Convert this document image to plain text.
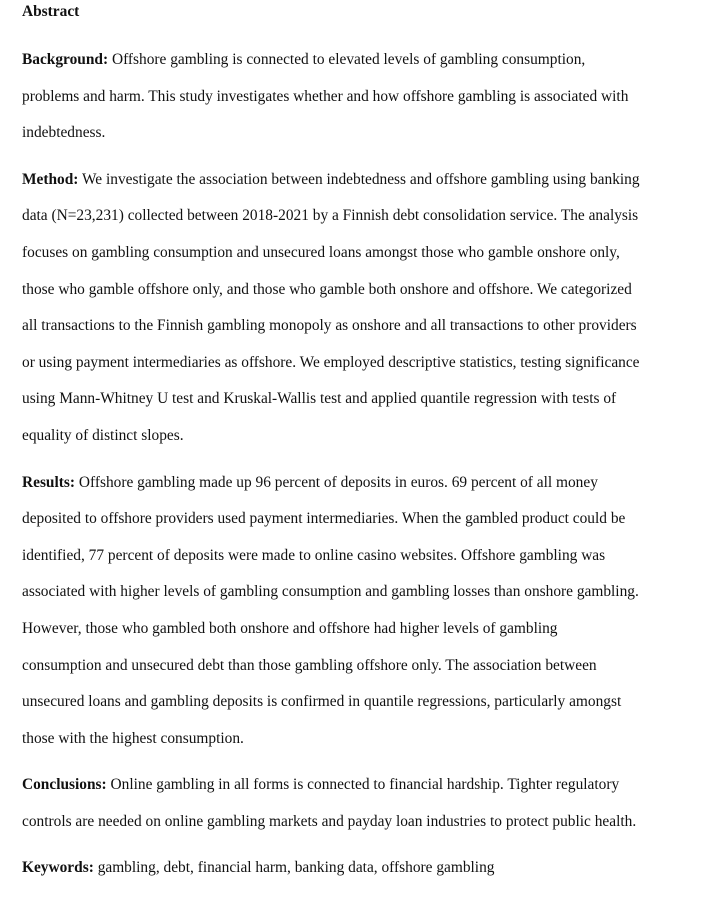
Abstract

Background: Offshore gambling is connected to elevated levels of gambling consumption,
problems and harm. This study investigates whether and how offshore gambling is associated with
indebtedness.

Method: We investigate the association between indebtedness and offshore gambling using banking
data (N=23,231) collected between 2018-2021 by a Finnish debt consolidation service. The analysis
focuses on gambling consumption and unsecured loans amongst those who gamble onshore only,
those who gamble offshore only, and those who gamble both onshore and offshore. We categorized
all transactions to the Finnish gambling monopoly as onshore and all transactions to other providers
or using payment intermediaries as offshore. We employed descriptive statistics, testing significance
using Mann-Whitney U test and Kruskal-Wallis test and applied quantile regression with tests of
equality of distinct slopes.

Results: Offshore gambling made up 96 percent of deposits in euros. 69 percent of all money
deposited to offshore providers used payment intermediaries. When the gambled product could be
identified, 77 percent of deposits were made to online casino websites. Offshore gambling was
associated with higher levels of gambling consumption and gambling losses than onshore gambling.
However, those who gambled both onshore and offshore had higher levels of gambling
consumption and unsecured debt than those gambling offshore only. The association between
unsecured loans and gambling deposits is confirmed in quantile regressions, particularly amongst
those with the highest consumption.

Conclusions: Online gambling in all forms is connected to financial hardship. Tighter regulatory
controls are needed on online gambling markets and payday loan industries to protect public health.

Keywords: gambling, debt, financial harm, banking data, offshore gambling
